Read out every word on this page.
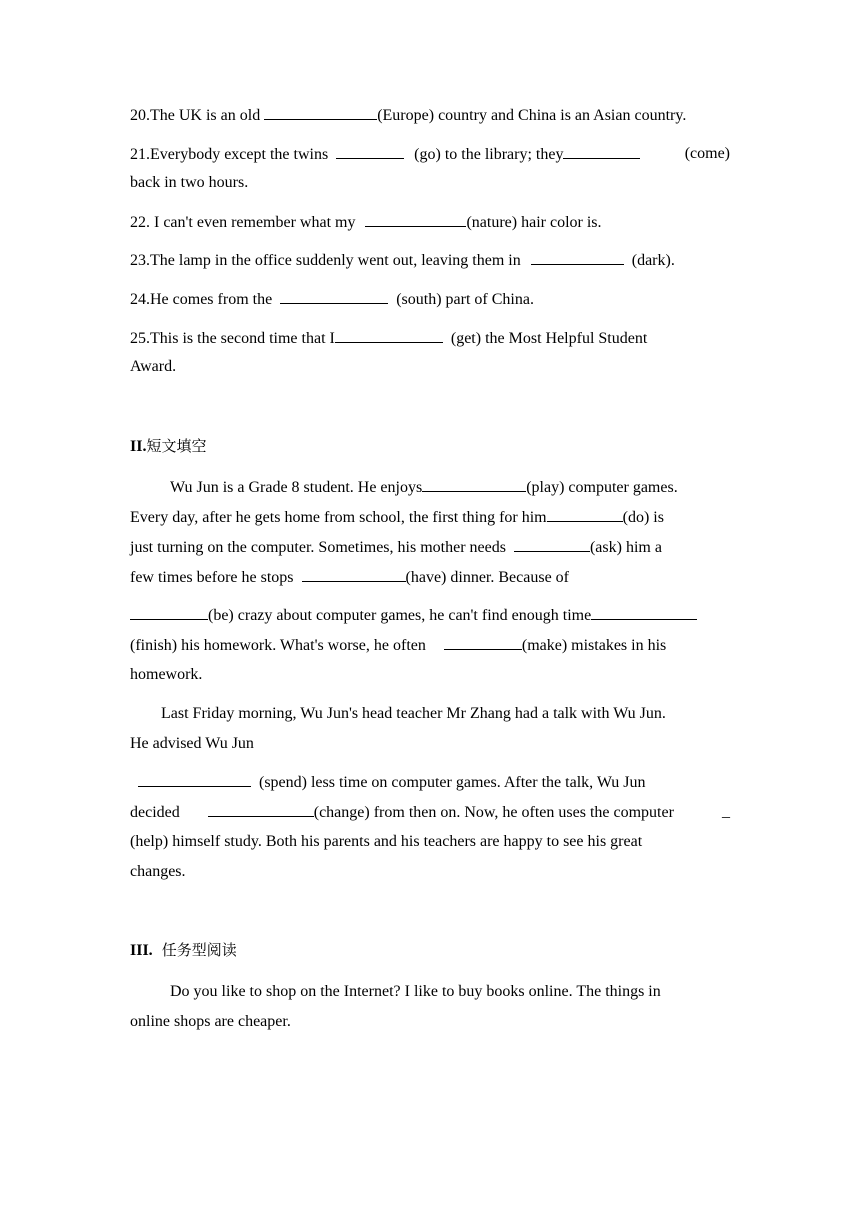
20.The UK is an old	(Europe) country and China is an Asian country.
21.Everybody except the twins	(go) to the library; they	(come)
back in two hours.
22. I can't even remember what my	(nature) hair color is.
23.The lamp in the office suddenly went out, leaving them in	(dark).
24.He comes from the	(south) part of China.
25.This is the second time that I	(get) the Most Helpful Student
Award.
II.短文填空
Wu Jun is a Grade 8 student. He enjoys	(play) computer games.
Every day, after he gets home from school, the first thing for him	(do) is
just turning on the computer. Sometimes, his mother needs	(ask) him a
few times before he stops	(have) dinner. Because of
(be) crazy about computer games, he can't find enough time
(finish) his homework. What's worse, he often	(make) mistakes in his
homework.
Last Friday morning, Wu Jun's head teacher Mr Zhang had a talk with Wu Jun.
He advised Wu Jun
(spend) less time on computer games. After the talk, Wu Jun
decided	(change) from then on. Now, he often uses the computer	_
(help) himself study. Both his parents and his teachers are happy to see his great
changes.
III. 任务型阅读
Do you like to shop on the Internet? I like to buy books online. The things in
online shops are cheaper.
